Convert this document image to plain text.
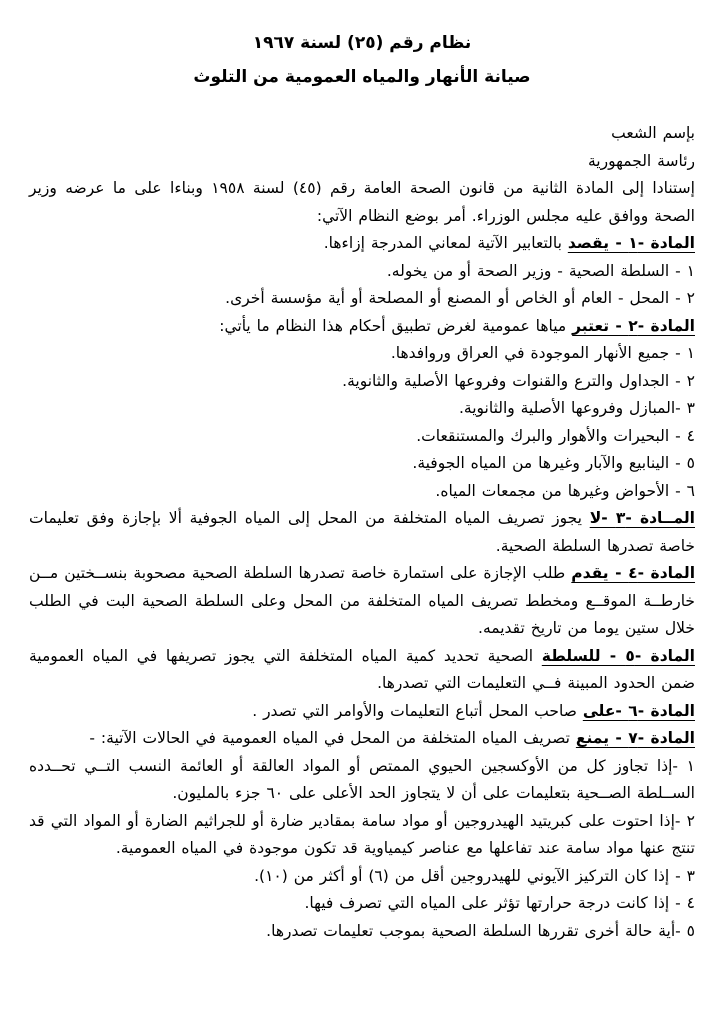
نظام رقم (٢٥) لسنة ١٩٦٧
صيانة الأنهار والمياه العمومية من التلوث
بإسم الشعب
رئاسة الجمهورية
إستنادا إلى المادة الثانية من قانون الصحة العامة رقم (٤٥) لسنة ١٩٥٨ وبناءا على ما عرضه وزير الصحة ووافق عليه مجلس الوزراء. أمر بوضع النظام الآتي:
المادة -١ - يقصد بالتعابير الآتية لمعاني المدرجة إزاءها.
١ - السلطة الصحية - وزير الصحة أو من يخوله.
٢ - المحل - العام أو الخاص أو المصنع أو المصلحة أو أية مؤسسة أخرى.
المادة -٢ - تعتبر مياها عمومية لغرض تطبيق أحكام هذا النظام ما يأتي:
١ - جميع الأنهار الموجودة في العراق وروافدها.
٢ - الجداول والترع والقنوات وفروعها الأصلية والثانوية.
٣ -المبازل وفروعها الأصلية والثانوية.
٤ - البحيرات والأهوار والبرك والمستنقعات.
٥ - الينابيع والآبار وغيرها من المياه الجوفية.
٦ - الأحواض وغيرها من مجمعات المياه.
المــادة -٣ -لا يجوز تصريف المياه المتخلفة من المحل إلى المياه الجوفية ألا بإجازة وفق تعليمات خاصة تصدرها السلطة الصحية.
المادة -٤ - يقدم طلب الإجازة على استمارة خاصة تصدرها السلطة الصحية مصحوبة بنســختين مــن خارطــة الموقــع ومخطط تصريف المياه المتخلفة من المحل وعلى السلطة الصحية البت في الطلب خلال ستين يوما من تاريخ تقديمه.
المادة -٥ - للسلطة الصحية تحديد كمية المياه المتخلفة التي يجوز تصريفها في المياه العمومية ضمن الحدود المبينة فــي التعليمات التي تصدرها.
المادة -٦ -على صاحب المحل أتباع التعليمات والأوامر التي تصدر .
المادة -٧ - يمنع تصريف المياه المتخلفة من المحل في المياه العمومية في الحالات الآتية: -
١ -إذا تجاوز كل من الأوكسجين الحيوي الممتص أو المواد العالقة أو العائمة النسب التــي تحــدده الســلطة الصــحية بتعليمات على أن لا يتجاوز الحد الأعلى على ٦٠ جزء بالمليون.
٢ -إذا احتوت على كبريتيد الهيدروجين أو مواد سامة بمقادير ضارة أو للجراثيم الضارة أو المواد التي قد تنتج عنها مواد سامة عند تفاعلها مع عناصر كيمياوية قد تكون موجودة في المياه العمومية.
٣ - إذا كان التركيز الآيوني للهيدروجين أقل من (٦) أو أكثر من (١٠).
٤ - إذا كانت درجة حرارتها تؤثر على المياه التي تصرف فيها.
٥ -أية حالة أخرى تقررها السلطة الصحية بموجب تعليمات تصدرها.
